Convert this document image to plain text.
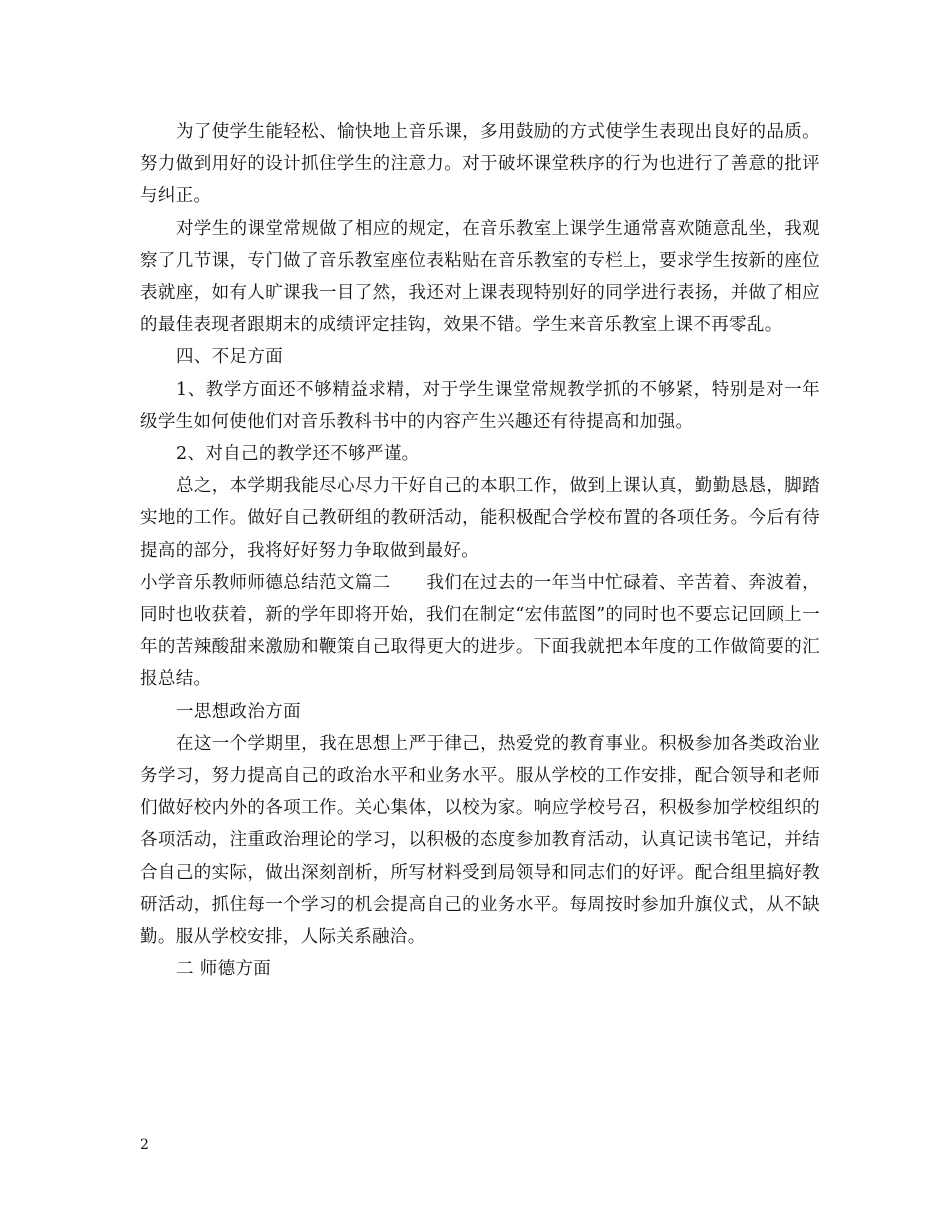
为了使学生能轻松、愉快地上音乐课，多用鼓励的方式使学生表现出良好的品质。努力做到用好的设计抓住学生的注意力。对于破坏课堂秩序的行为也进行了善意的批评与纠正。

对学生的课堂常规做了相应的规定，在音乐教室上课学生通常喜欢随意乱坐，我观察了几节课，专门做了音乐教室座位表粘贴在音乐教室的专栏上，要求学生按新的座位表就座，如有人旷课我一目了然，我还对上课表现特别好的同学进行表扬，并做了相应的最佳表现者跟期末的成绩评定挂钩，效果不错。学生来音乐教室上课不再零乱。

四、不足方面

1、教学方面还不够精益求精，对于学生课堂常规教学抓的不够紧，特别是对一年级学生如何使他们对音乐教科书中的内容产生兴趣还有待提高和加强。

2、对自己的教学还不够严谨。

总之，本学期我能尽心尽力干好自己的本职工作，做到上课认真，勤勤恳恳，脚踏实地的工作。做好自己教研组的教研活动，能积极配合学校布置的各项任务。今后有待提高的部分，我将好好努力争取做到最好。

小学音乐教师师德总结范文篇二　　我们在过去的一年当中忙碌着、辛苦着、奔波着，同时也收获着，新的学年即将开始，我们在制定“宏伟蓝图”的同时也不要忘记回顾上一年的苦辣酸甜来激励和鞭策自己取得更大的进步。下面我就把本年度的工作做简要的汇报总结。

一思想政治方面

在这一个学期里，我在思想上严于律己，热爱党的教育事业。积极参加各类政治业务学习，努力提高自己的政治水平和业务水平。服从学校的工作安排，配合领导和老师们做好校内外的各项工作。关心集体，以校为家。响应学校号召，积极参加学校组织的各项活动，注重政治理论的学习，以积极的态度参加教育活动，认真记读书笔记，并结合自己的实际，做出深刻剖析，所写材料受到局领导和同志们的好评。配合组里搞好教研活动，抓住每一个学习的机会提高自己的业务水平。每周按时参加升旗仪式，从不缺勤。服从学校安排，人际关系融洽。

二 师德方面

2
